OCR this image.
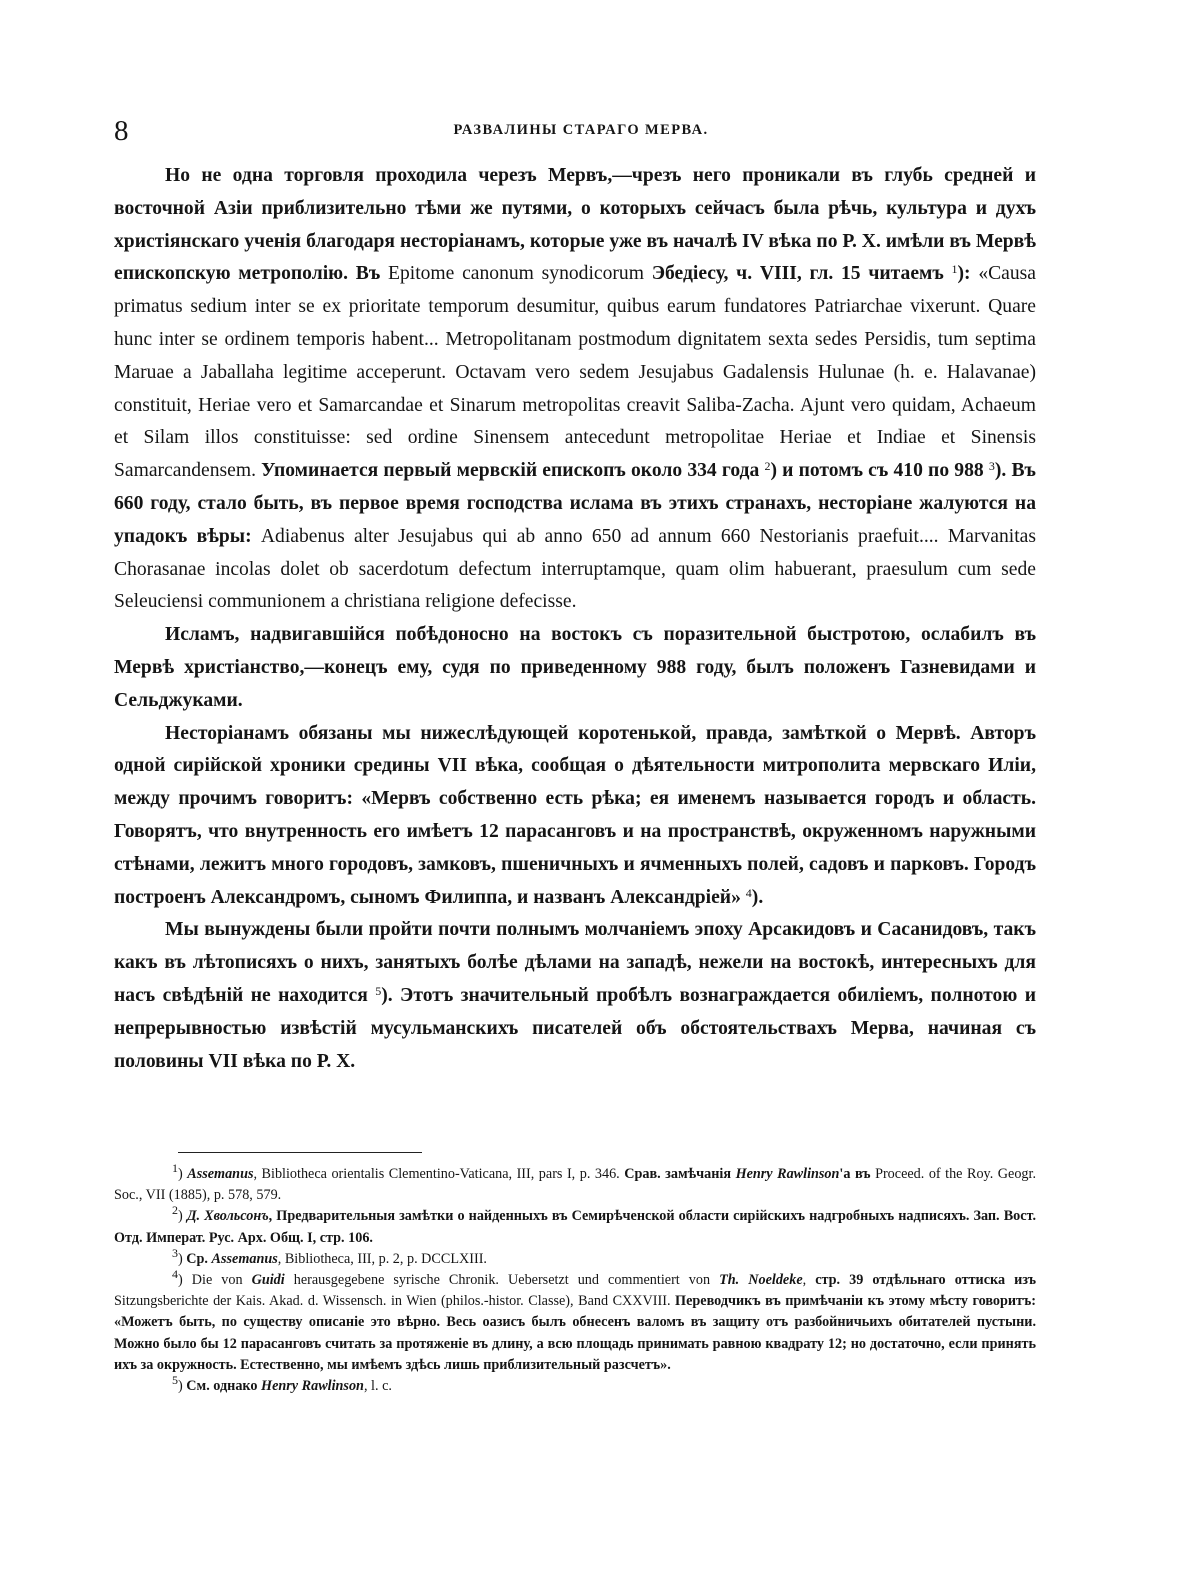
8	РАЗВАЛИНЫ СТАРАГО МЕРВА.

Но не одна торговля проходила черезъ Мервъ,—чрезъ него проникали въ глубь средней и восточной Азіи приблизительно тѣми же путями, о которыхъ сейчасъ была рѣчь, культура и духъ христіянскаго ученія благодаря несторіанамъ, которые уже въ началѣ IV вѣка по Р. Х. имѣли въ Мервѣ епископскую метрополію. Въ Epitome canonum synodicorum Эбедіесу, ч. VIII, гл. 15 читаемъ $^1$): «Causa primatus sedium inter se ex prioritate temporum desumitur, quibus earum fundatores Patriarchae vixerunt. Quare hunc inter se ordinem temporis habent... Metropolitanam postmodum dignitatem sexta sedes Persidis, tum septima Maruae a Jaballaha legitime acceperunt. Octavam vero sedem Jesujabus Gadalensis Hulunae (h. e. Halavanae) constituit, Heriae vero et Samarcandae et Sinarum metropolitas creavit Saliba-Zacha. Ajunt vero quidam, Achaeum et Silam illos constituisse: sed ordine Sinensem antecedunt metropolitae Heriae et Indiae et Sinensis Samarcandensem. Упоминается первый мервскій епископъ около 334 года $^2$) и потомъ съ 410 по 988 $^3$). Въ 660 году, стало быть, въ первое время господства ислама въ этихъ странахъ, несторіане жалуются на упадокъ вѣры: Adiabenus alter Jesujabus qui ab anno 650 ad annum 660 Nestorianis praefuit.... Marvanitas Chorasanae incolas dolet ob sacerdotum defectum interruptamque, quam olim habuerant, praesulum cum sede Seleuciensi communionem a christiana religione defecisse.

Исламъ, надвигавшійся побѣдоносно на востокъ съ поразительной быстротою, ослабилъ въ Мервѣ христіанство,—конецъ ему, судя по приведенному 988 году, былъ положенъ Газневидами и Сельджуками.

Несторіанамъ обязаны мы нижеслѣдующей коротенькой, правда, замѣткой о Мервѣ. Авторъ одной сирійской хроники средины VII вѣка, сообщая о дѣятельности митрополита мервскаго Иліи, между прочимъ говоритъ: «Мервъ собственно есть рѣка; ея именемъ называется городъ и область. Говорятъ, что внутренность его имѣетъ 12 парасанговъ и на пространствѣ, окруженномъ наружными стѣнами, лежитъ много городовъ, замковъ, пшеничныхъ и ячменныхъ полей, садовъ и парковъ. Городъ построенъ Александромъ, сыномъ Филиппа, и названъ Александріей» $^4$).

Мы вынуждены были пройти почти полнымъ молчаніемъ эпоху Арсакидовъ и Сасанидовъ, такъ какъ въ лѣтописяхъ о нихъ, занятыхъ болѣе дѣлами на западѣ, нежели на востокѣ, интересныхъ для насъ свѣдѣній не находится $^5$). Этотъ значительный пробѣлъ вознаграждается обиліемъ, полнотою и непрерывностью извѣстій мусульманскихъ писателей объ обстоятельствахъ Мерва, начиная съ половины VII вѣка по Р. Х.

$^1$) Assemanus, Bibliotheca orientalis Clementino-Vaticana, III, pars I, p. 346. Срав. замѣчанія Henry Rawlinson'а въ Proceed. of the Roy. Geogr. Soc., VII (1885), p. 578, 579.

$^2$) Д. Хвольсонъ, Предварительныя замѣтки о найденныхъ въ Семирѣченской области сирійскихъ надгробныхъ надписяхъ. Зап. Вост. Отд. Императ. Рус. Арх. Общ. I, стр. 106.

$^3$) Ср. Assemanus, Bibliotheca, III, p. 2, p. DCCLXIII.

$^4$) Die von Guidi herausgegebene syrische Chronik. Uebersetzt und commentiert von Th. Noeldeke, стр. 39 отдѣльнаго оттиска изъ Sitzungsberichte der Kais. Akad. d. Wissensch. in Wien (philos.-histor. Classe), Band CXXVIII. Переводчикъ въ примѣчаніи къ этому мѣсту говоритъ: «Можетъ быть, по существу описаніе это вѣрно. Весь оазисъ былъ обнесенъ валомъ въ защиту отъ разбойничьихъ обитателей пустыни. Можно было бы 12 парасанговъ считать за протяженіе въ длину, а всю площадь принимать равною квадрату 12; но достаточно, если принять ихъ за окружность. Естественно, мы имѣемъ здѣсь лишь приблизительный разсчетъ».

$^5$) См. однако Henry Rawlinson, l. c.
